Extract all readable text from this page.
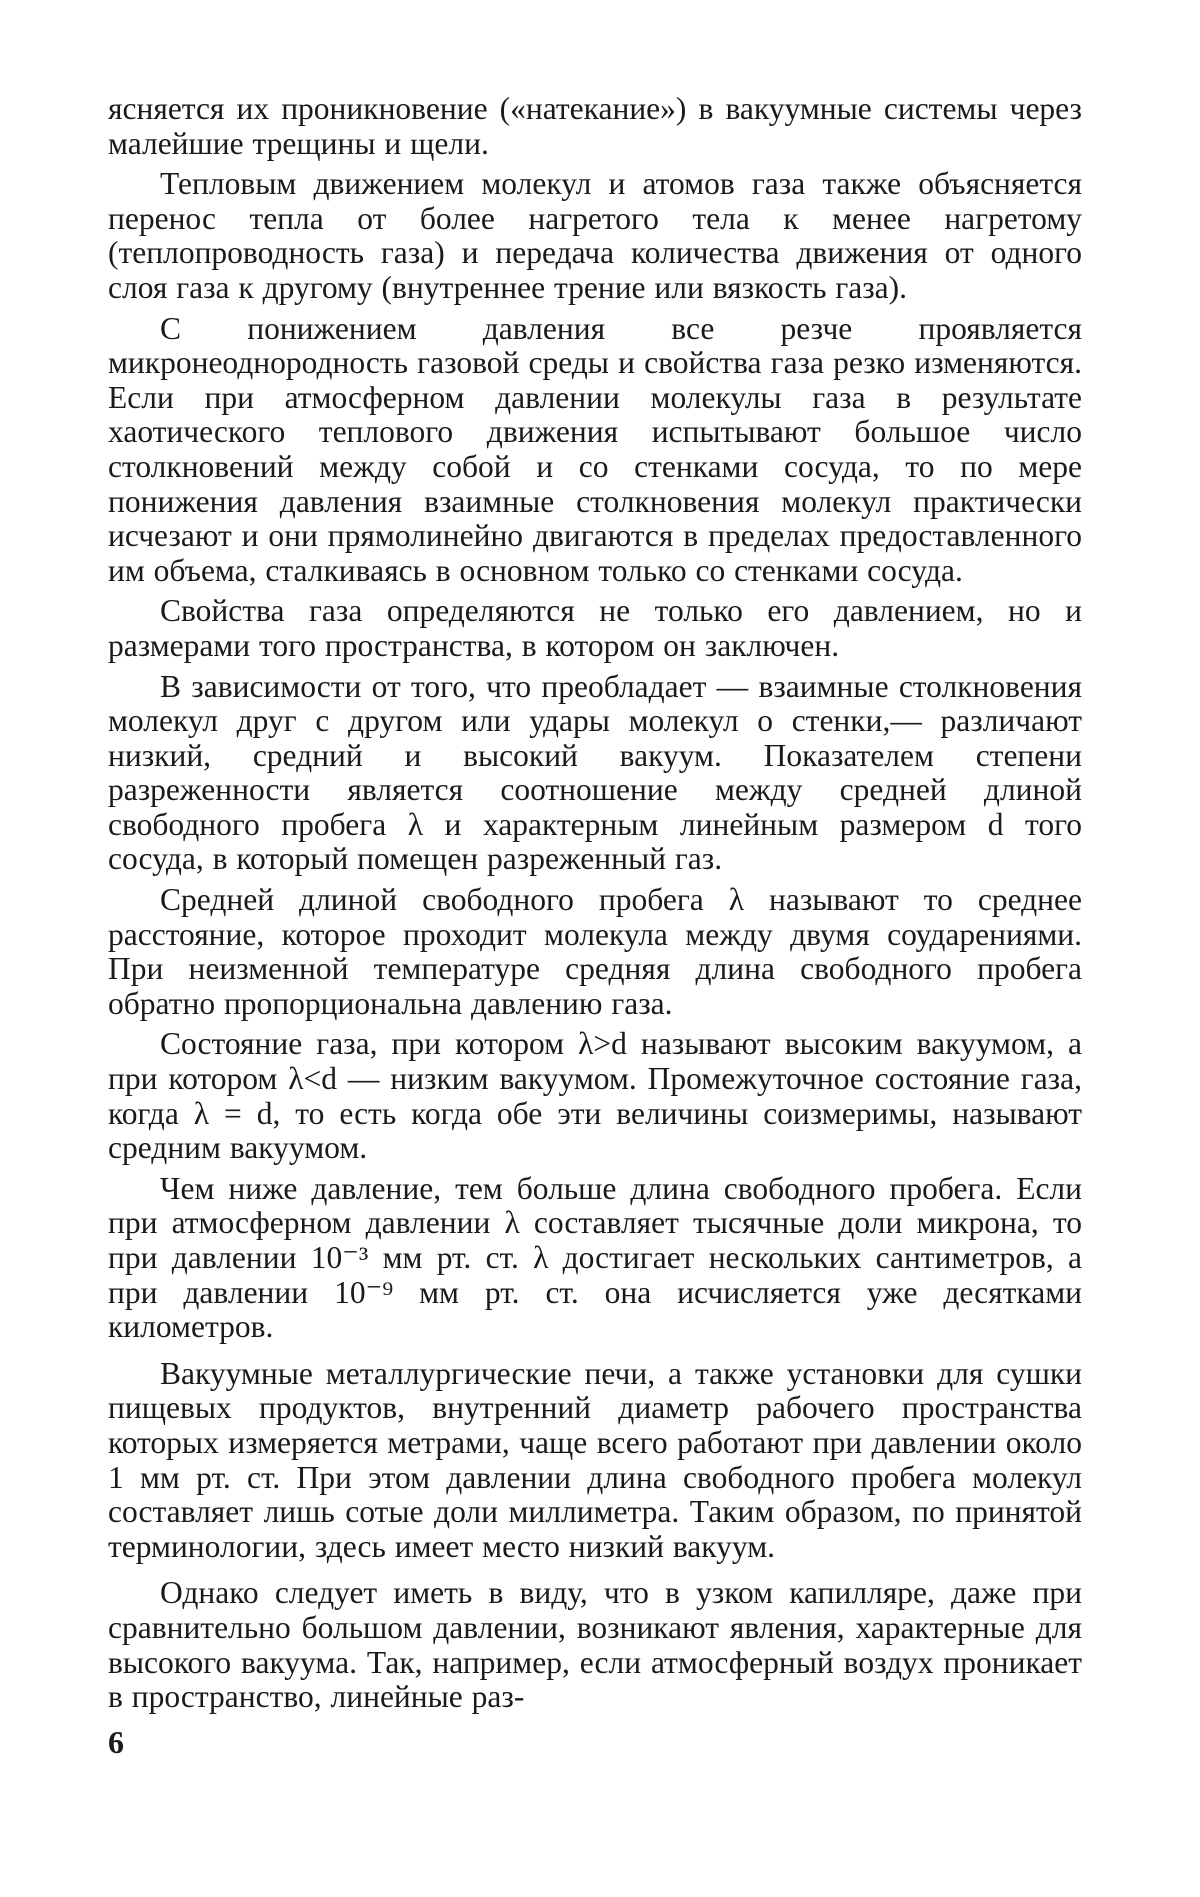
ясняется их проникновение («натекание») в вакуумные системы через малейшие трещины и щели.

Тепловым движением молекул и атомов газа также объясняется перенос тепла от более нагретого тела к менее нагретому (теплопроводность газа) и передача количества движения от одного слоя газа к другому (внутреннее трение или вязкость газа).

С понижением давления все резче проявляется микронеоднородность газовой среды и свойства газа резко изменяются. Если при атмосферном давлении молекулы газа в результате хаотического теплового движения испытывают большое число столкновений между собой и со стенками сосуда, то по мере понижения давления взаимные столкновения молекул практически исчезают и они прямолинейно двигаются в пределах предоставленного им объема, сталкиваясь в основном только со стенками сосуда.

Свойства газа определяются не только его давлением, но и размерами того пространства, в котором он заключен.

В зависимости от того, что преобладает — взаимные столкновения молекул друг с другом или удары молекул о стенки,— различают низкий, средний и высокий вакуум. Показателем степени разреженности является соотношение между средней длиной свободного пробега λ и характерным линейным размером d того сосуда, в который помещен разреженный газ.

Средней длиной свободного пробега λ называют то среднее расстояние, которое проходит молекула между двумя соударениями. При неизменной температуре средняя длина свободного пробега обратно пропорциональна давлению газа.

Состояние газа, при котором λ>d называют высоким вакуумом, а при котором λ<d — низким вакуумом. Промежуточное состояние газа, когда λ = d, то есть когда обе эти величины соизмеримы, называют средним вакуумом.

Чем ниже давление, тем больше длина свободного пробега. Если при атмосферном давлении λ составляет тысячные доли микрона, то при давлении 10⁻³ мм рт. ст. λ достигает нескольких сантиметров, а при давлении 10⁻⁹ мм рт. ст. она исчисляется уже десятками километров.

Вакуумные металлургические печи, а также установки для сушки пищевых продуктов, внутренний диаметр рабочего пространства которых измеряется метрами, чаще всего работают при давлении около 1 мм рт. ст. При этом давлении длина свободного пробега молекул составляет лишь сотые доли миллиметра. Таким образом, по принятой терминологии, здесь имеет место низкий вакуум.

Однако следует иметь в виду, что в узком капилляре, даже при сравнительно большом давлении, возникают явления, характерные для высокого вакуума. Так, например, если атмосферный воздух проникает в пространство, линейные раз-

6
